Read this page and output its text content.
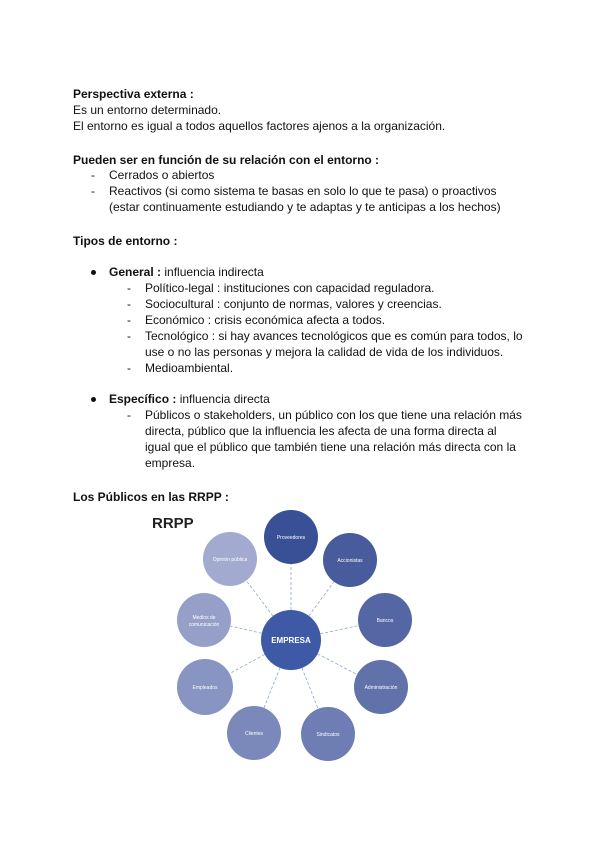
Perspectiva externa :
Es un entorno determinado.
El entorno es igual a todos aquellos factores ajenos a la organización.
Pueden ser en función de su relación con el entorno :
- Cerrados o abiertos
- Reactivos (si como sistema te basas en solo lo que te pasa) o proactivos
(estar continuamente estudiando y te adaptas y te anticipas a los hechos)
Tipos de entorno :
General : influencia indirecta
- Político-legal : instituciones con capacidad reguladora.
- Sociocultural : conjunto de normas, valores y creencias.
- Económico : crisis económica afecta a todos.
- Tecnológico : si hay avances tecnológicos que es común para todos, lo
use o no las personas y mejora la calidad de vida de los individuos.
- Medioambiental.
Específico : influencia directa
- Públicos o stakeholders, un público con los que tiene una relación más
directa, público que la influencia les afecta de una forma directa al
igual que el público que también tiene una relación más directa con la
empresa.
Los Públicos en las RRPP :
Proveedores
Accionistas
Bancos
Administración
Sindicatos
Clientes
Empleados
Medios de
comunicación
Opinión pública
EMPRESA
RRPP
